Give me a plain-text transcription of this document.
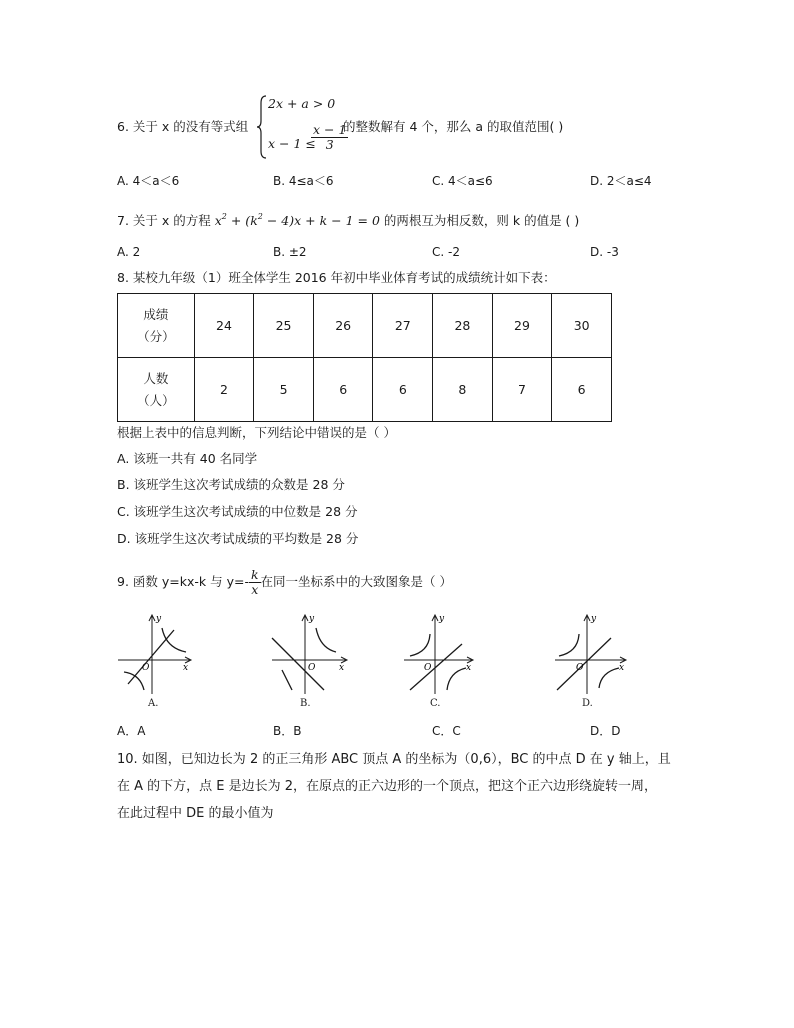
6. 关于 x 的没有等式组
2x + a > 0
x − 1 ≤
$\frac{x - 1}{3}$
的整数解有 4 个，那么 a 的取值范围( )
A. 4＜a＜6	B. 4≤a＜6	C. 4＜a≤6	D. 2＜a≤4
7. 关于 x 的方程 $x^2 + (k^2 - 4)x + k - 1 = 0$ 的两根互为相反数，则 k 的值是 ( )
A. 2	B. ±2	C. -2	D. -3
8. 某校九年级（1）班全体学生 2016 年初中毕业体育考试的成绩统计如下表：
成绩
（分）	24	25	26	27	28	29	30
人数
（人）	2	5	6	6	8	7	6
根据上表中的信息判断，下列结论中错误的是（ ）
A. 该班一共有 40 名同学
B. 该班学生这次考试成绩的众数是 28 分
C. 该班学生这次考试成绩的中位数是 28 分
D. 该班学生这次考试成绩的平均数是 28 分
9. 函数 y=kx-k 与 $y=- \frac{k}{x}$ 在同一坐标系中的大致图象是（ ）
y
x
O
A.
y
x
O
B.
y
x
O
C.
y
x
O
D.
A．A	B．B	C．C	D．D
10. 如图，已知边长为 2 的正三角形 ABC 顶点 A 的坐标为（0,6），BC 的中点 D 在 y 轴上，且
在 A 的下方，点 E 是边长为 2，在原点的正六边形的一个顶点，把这个正六边形绕旋转一周，
在此过程中 DE 的最小值为
